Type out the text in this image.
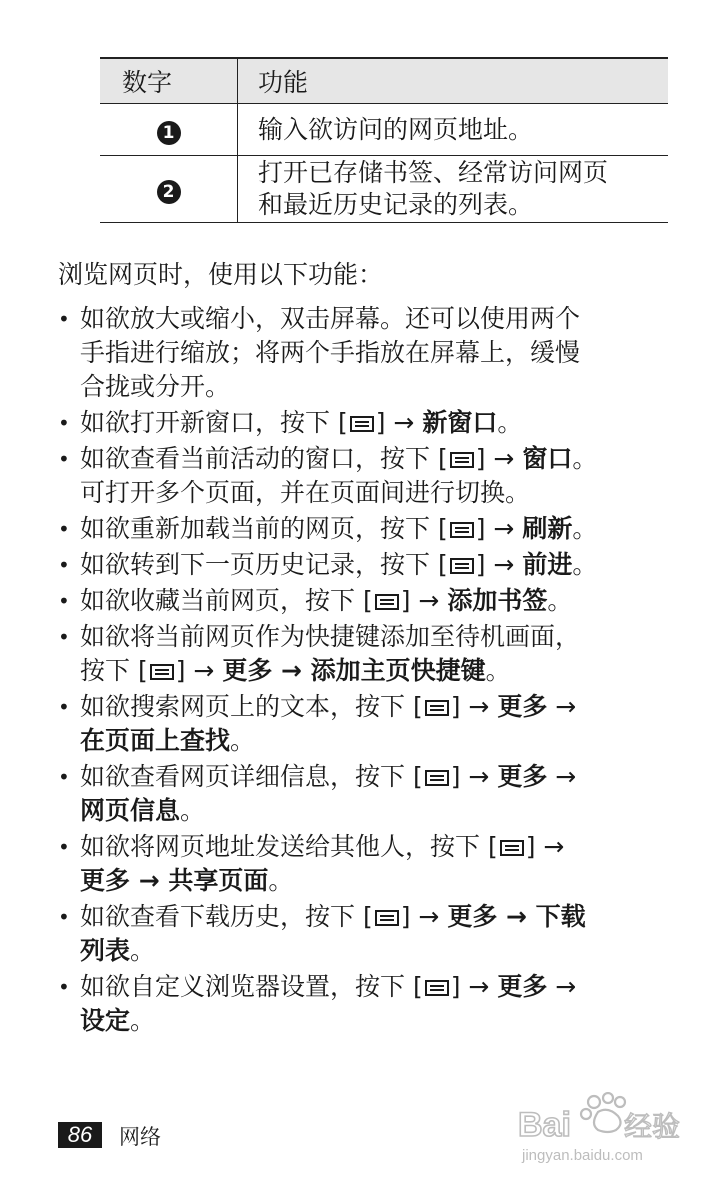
数字	功能
1	输入欲访问的网页地址。

2	打开已存储书签、经常访问网页
和最近历史记录的列表。
浏览网页时，使用以下功能：
• 如欲放大或缩小，双击屏幕。还可以使用两个
手指进行缩放；将两个手指放在屏幕上，缓慢
合拢或分开。
• 如欲打开新窗口，按下 [ ] → 新窗口。
• 如欲查看当前活动的窗口，按下 [ ] → 窗口。
可打开多个页面，并在页面间进行切换。
• 如欲重新加载当前的网页，按下 [ ] → 刷新。
• 如欲转到下一页历史记录，按下 [ ] → 前进。
• 如欲收藏当前网页，按下 [ ] → 添加书签。
• 如欲将当前网页作为快捷键添加至待机画面，
按下 [ ] → 更多 → 添加主页快捷键。
• 如欲搜索网页上的文本，按下 [ ] → 更多 →
在页面上查找。
• 如欲查看网页详细信息，按下 [ ] → 更多 →
网页信息。
• 如欲将网页地址发送给其他人，按下 [ ] →
更多 → 共享页面。
• 如欲查看下载历史，按下 [ ] → 更多 → 下载
列表。
• 如欲自定义浏览器设置，按下 [ ] → 更多 →
设定。
86	网络	Bai 经验
jingyan.baidu.com
